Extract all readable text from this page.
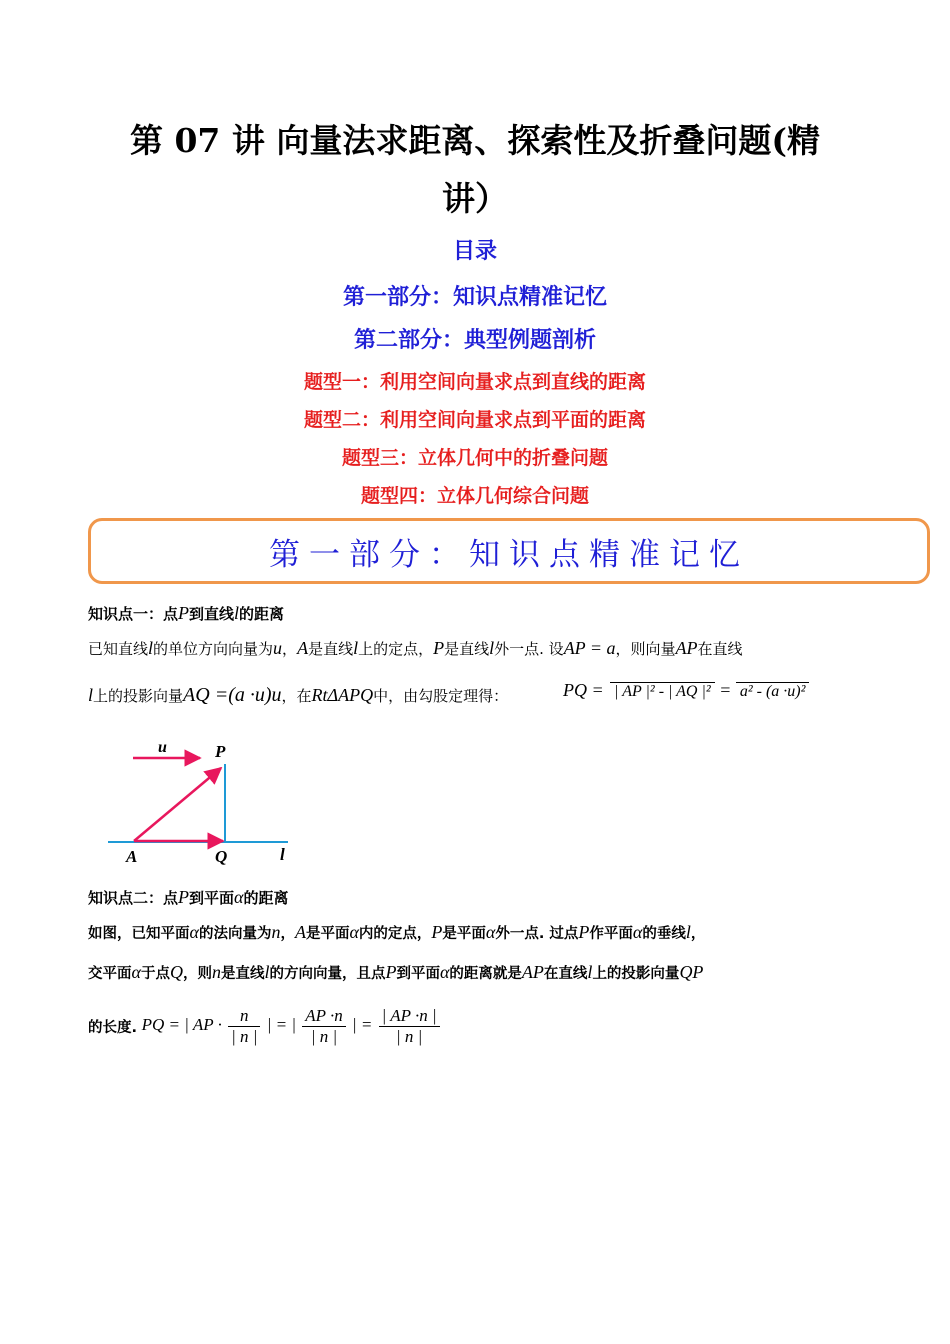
第 07 讲 向量法求距离、探索性及折叠问题(精
讲）
目录
第一部分：知识点精准记忆
第二部分：典型例题剖析
题型一：利用空间向量求点到直线的距离
题型二：利用空间向量求点到平面的距离
题型三：立体几何中的折叠问题
题型四：立体几何综合问题
第一部分：知识点精准记忆
知识点一：点P到直线l的距离
已知直线l的单位方向向量为u，A是直线l上的定点，P是直线l外一点. 设AP = a，则向量AP在直线
l上的投影向量AQ =(a ·u)u，在RtΔAPQ中，由勾股定理得：	PQ = | AP |² - | AQ |² = a² - (a ·u)²
u	P
A	Q	l
知识点二：点P到平面α的距离
如图，已知平面α的法向量为n，A是平面α内的定点，P是平面α外一点. 过点P作平面α的垂线l，
交平面α于点Q，则n是直线l的方向向量，且点P到平面α的距离就是AP在直线l上的投影向量QP
的长度. PQ = | AP · $\frac{n}{| n |}$ | = | $\frac{AP \cdot n}{| n |}$ | = $\frac{| AP \cdot n |}{| n |}$
